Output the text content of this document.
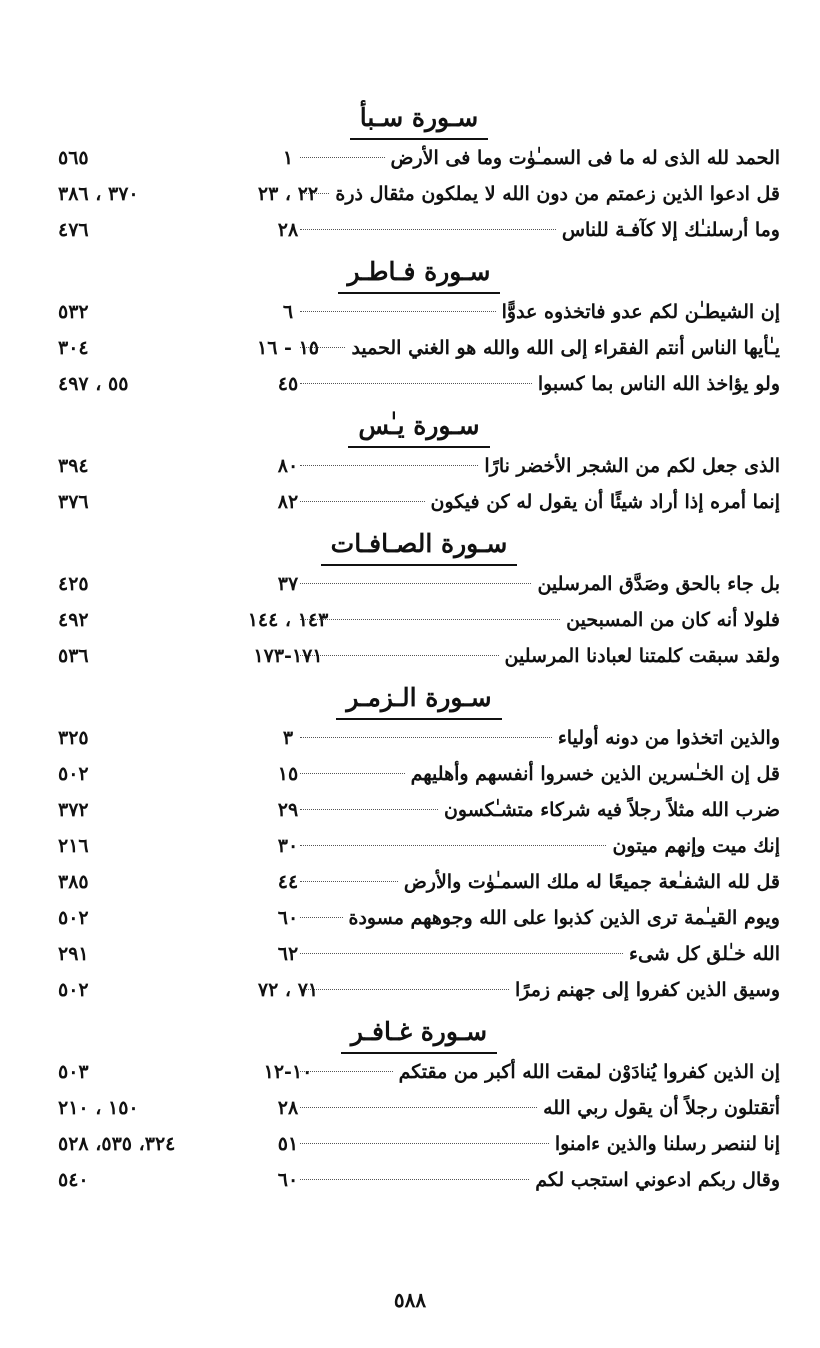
سـورة سـبأ
الحمد لله الذى له ما فى السمـٰوٰت وما فى الأرض
١
٥٦٥
قل ادعوا الذين زعمتم من دون الله لا يملكون مثقال ذرة
٢٢ ، ٢٣
٣٧٠ ، ٣٨٦
وما أرسلنـٰك إلا كآفـة للناس
٢٨
٤٧٦
سـورة فـاطـر
إن الشيطـٰن لكم عدو فاتخذوه عدوًّا
٦
٥٣٢
يـٰأيها الناس أنتم الفقراء إلى الله والله هو الغني الحميد
١٥ - ١٦
٣٠٤
ولو يؤاخذ الله الناس بما كسبوا
٤٥
٥٥ ، ٤٩٧
سـورة يـٰس
الذى جعل لكم من الشجر الأخضر نارًا
٨٠
٣٩٤
إنما أمره إذا أراد شيئًا أن يقول له كن فيكون
٨٢
٣٧٦
سـورة الصـافـات
بل جاء بالحق وصَدَّق المرسلين
٣٧
٤٢٥
فلولا أنه كان من المسبحين
١٤٣ ، ١٤٤
٤٩٢
ولقد سبقت كلمتنا لعبادنا المرسلين
١٧١-١٧٣
٥٣٦
سـورة الـزمـر
والذين اتخذوا من دونه أولياء
٣
٣٢٥
قل إن الخـٰسرين الذين خسروا أنفسهم وأهليهم
١٥
٥٠٢
ضرب الله مثلاً رجلاً فيه شركاء متشـٰكسون
٢٩
٣٧٢
إنك ميت وإنهم ميتون
٣٠
٢١٦
قل لله الشفـٰعة جميعًا له ملك السمـٰوٰت والأرض
٤٤
٣٨٥
ويوم القيـٰمة ترى الذين كذبوا على الله وجوههم مسودة
٦٠
٥٠٢
الله خـٰلق كل شىء
٦٢
٢٩١
وسيق الذين كفروا إلى جهنم زمرًا
٧١ ، ٧٢
٥٠٢
سـورة غـافـر
إن الذين كفروا يُنادَوْن لمقت الله أكبر من مقتكم
١٠-١٢
٥٠٣
أتقتلون رجلاً أن يقول ربي الله
٢٨
١٥٠ ، ٢١٠
إنا لننصر رسلنا والذين ءامنوا
٥١
٣٢٤، ٥٣٥، ٥٢٨
وقال ربكم ادعوني استجب لكم
٦٠
٥٤٠
٥٨٨
